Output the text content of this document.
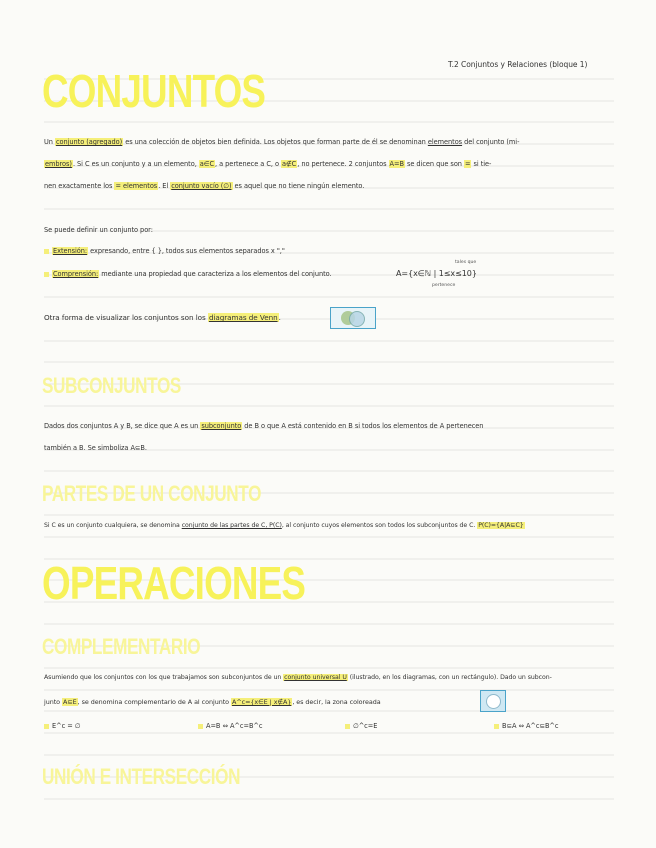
T.2 Conjuntos y Relaciones (bloque 1)
CONJUNTOS
Un conjunto (agregado) es una colección de objetos bien definida. Los objetos que forman parte de él se denominan elementos del conjunto (mi-
embros). Si C es un conjunto y a un elemento, a∈C, a pertenece a C, o a∉C, no pertenece. 2 conjuntos A=B se dicen que son = si tie-
nen exactamente los = elementos. El conjunto vacío (∅) es aquel que no tiene ningún elemento.
Se puede definir un conjunto por:
Extensión: expresando, entre { }, todos sus elementos separados x ","
Comprensión: mediante una propiedad que caracteriza a los elementos del conjunto.	A={x∈ℕ | 1≤x≤10}
tales que
pertenece
Otra forma de visualizar los conjuntos son los diagramas de Venn.
SUBCONJUNTOS
Dados dos conjuntos A y B, se dice que A es un subconjunto de B o que A está contenido en B si todos los elementos de A pertenecen
también a B. Se simboliza A⊆B.
PARTES DE UN CONJUNTO
Si C es un conjunto cualquiera, se denomina conjunto de las partes de C, P(C), al conjunto cuyos elementos son todos los subconjuntos de C. P(C)={A|A⊆C}
OPERACIONES
COMPLEMENTARIO
Asumiendo que los conjuntos con los que trabajamos son subconjuntos de un conjunto universal U (ilustrado, en los diagramas, con un rectángulo). Dado un subcon-
junto A⊆E, se denomina complementario de A al conjunto A^c={x∈E | x∉A}, es decir, la zona coloreada
E^c = ∅	A=B ⇔ A^c=B^c	∅^c=E	B⊆A ⇔ A^c⊆B^c
UNIÓN E INTERSECCIÓN
